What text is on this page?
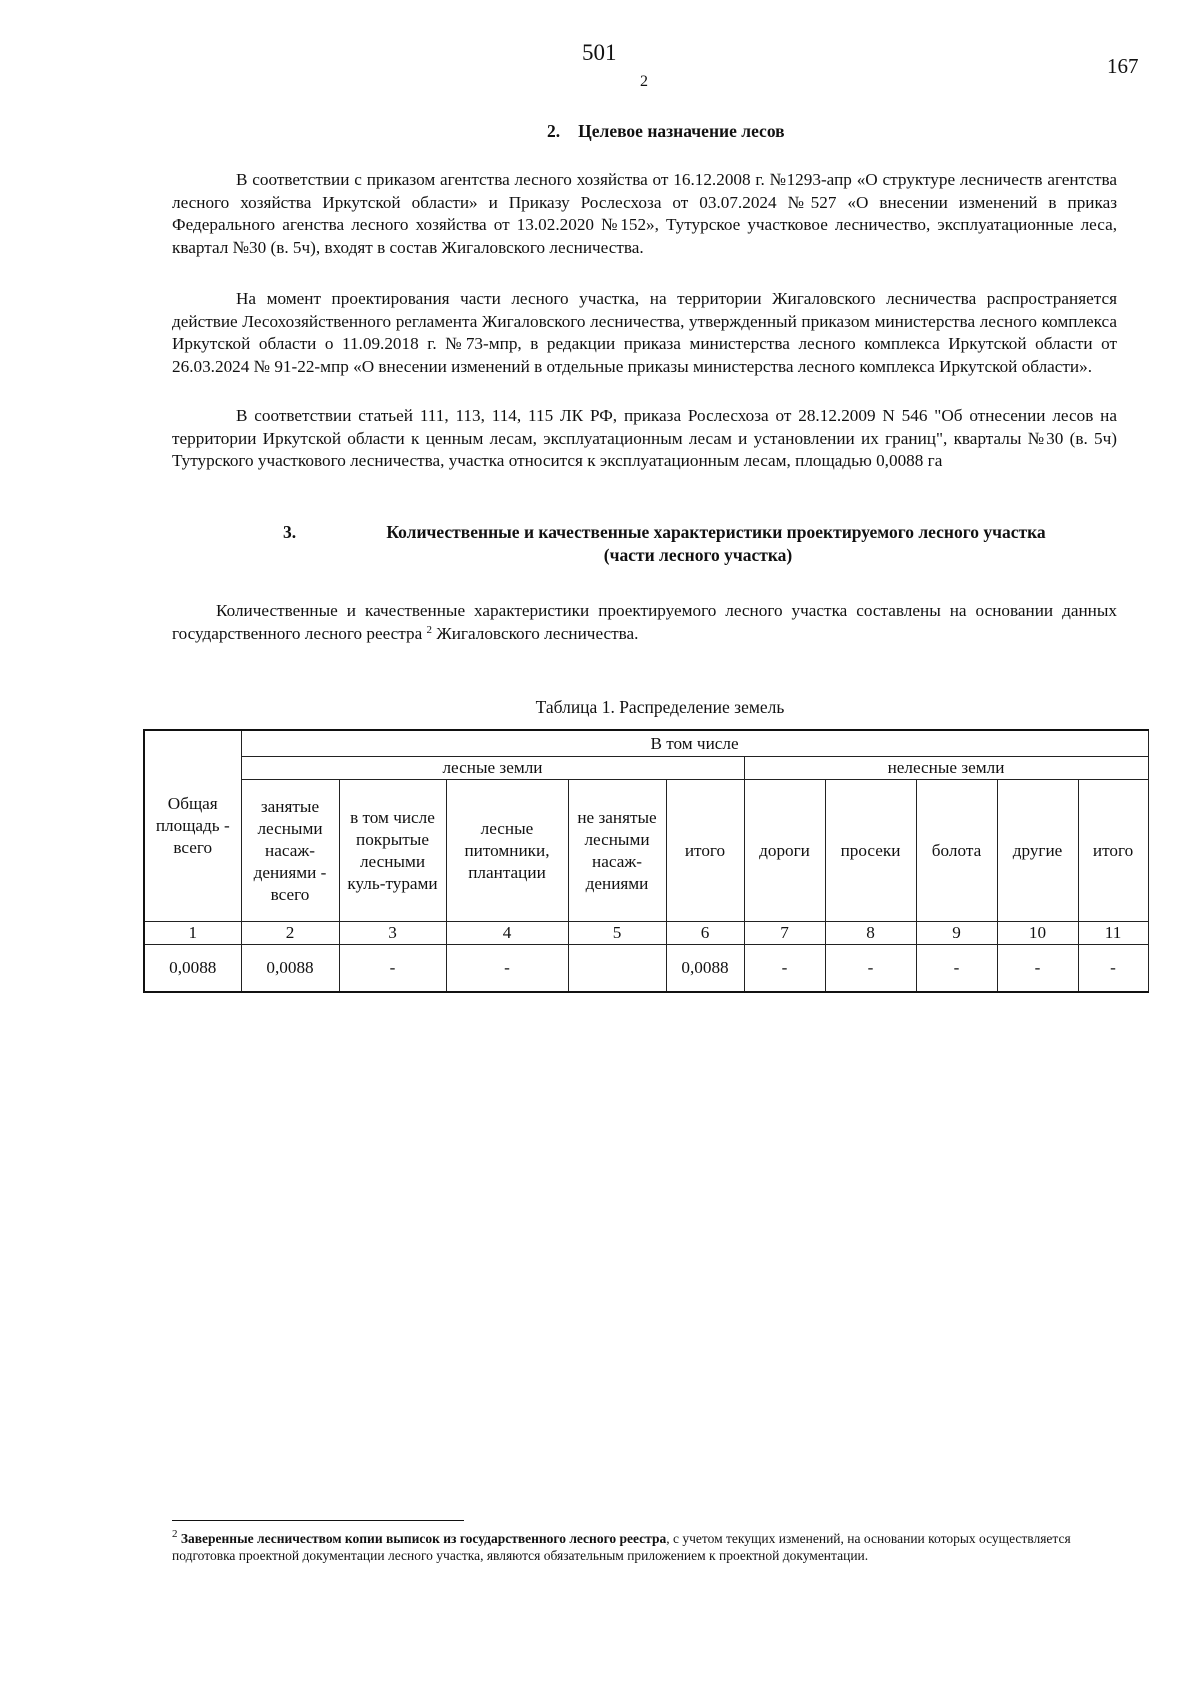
501
2
167
2. Целевое назначение лесов
В соответствии с приказом агентства лесного хозяйства от 16.12.2008 г. №1293-апр «О структуре лесничеств агентства лесного хозяйства Иркутской области» и Приказу Рослесхоза от 03.07.2024 №527 «О внесении изменений в приказ Федерального агенства лесного хозяйства от 13.02.2020 №152», Тутурское участковое лесничество, эксплуатационные леса, квартал №30 (в. 5ч), входят в состав Жигаловского лесничества.
На момент проектирования части лесного участка, на территории Жигаловского лесничества распространяется действие Лесохозяйственного регламента Жигаловского лесничества, утвержденный приказом министерства лесного комплекса Иркутской области о 11.09.2018 г. №73-мпр, в редакции приказа министерства лесного комплекса Иркутской области от 26.03.2024 № 91-22-мпр «О внесении изменений в отдельные приказы министерства лесного комплекса Иркутской области».
В соответствии статьей 111, 113, 114, 115 ЛК РФ, приказа Рослесхоза от 28.12.2009 N 546 "Об отнесении лесов на территории Иркутской области к ценным лесам, эксплуатационным лесам и установлении их границ", кварталы №30 (в. 5ч) Тутурского участкового лесничества, участка относится к эксплуатационным лесам, площадью 0,0088 га
3.	Количественные и качественные характеристики проектируемого лесного участка
(части лесного участка)
Количественные и качественные характеристики проектируемого лесного участка составлены на основании данных государственного лесного реестра $^2$ Жигаловского лесничества.
Таблица 1. Распределение земель
Общая площадь - всего	В том числе									
	лесные земли					нелесные земли				
	занятые лесными насаж-дениями - всего	в том числе покрытые лесными куль-турами	лесные питомники, плантации	не занятые лесными насаж-дениями	итого	дороги	просеки	болота	другие	итого
1	2	3	4	5	6	7	8	9	10	11
0,0088	0,0088	-	-		0,0088	-	-	-	-	-
$^2$ Заверенные лесничеством копии выписок из государственного лесного реестра, с учетом текущих изменений, на основании которых осуществляется подготовка проектной документации лесного участка, являются обязательным приложением к проектной документации.
